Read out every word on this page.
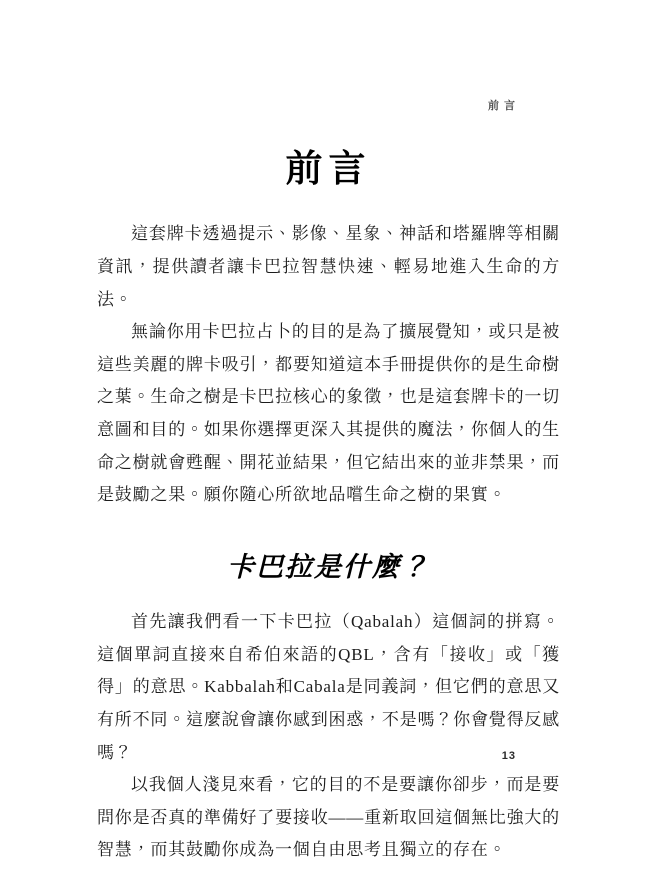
前言
前言

這套牌卡透過提示、影像、星象、神話和塔羅牌等相關資訊，提供讀者讓卡巴拉智慧快速、輕易地進入生命的方法。

無論你用卡巴拉占卜的目的是為了擴展覺知，或只是被這些美麗的牌卡吸引，都要知道這本手冊提供你的是生命樹之葉。生命之樹是卡巴拉核心的象徵，也是這套牌卡的一切意圖和目的。如果你選擇更深入其提供的魔法，你個人的生命之樹就會甦醒、開花並結果，但它結出來的並非禁果，而是鼓勵之果。願你隨心所欲地品嚐生命之樹的果實。

卡巴拉是什麼？

首先讓我們看一下卡巴拉（Qabalah）這個詞的拼寫。這個單詞直接來自希伯來語的QBL，含有「接收」或「獲得」的意思。Kabbalah和Cabala是同義詞，但它們的意思又有所不同。這麼說會讓你感到困惑，不是嗎？你會覺得反感嗎？

以我個人淺見來看，它的目的不是要讓你卻步，而是要問你是否真的準備好了要接收——重新取回這個無比強大的智慧，而其鼓勵你成為一個自由思考且獨立的存在。

13
